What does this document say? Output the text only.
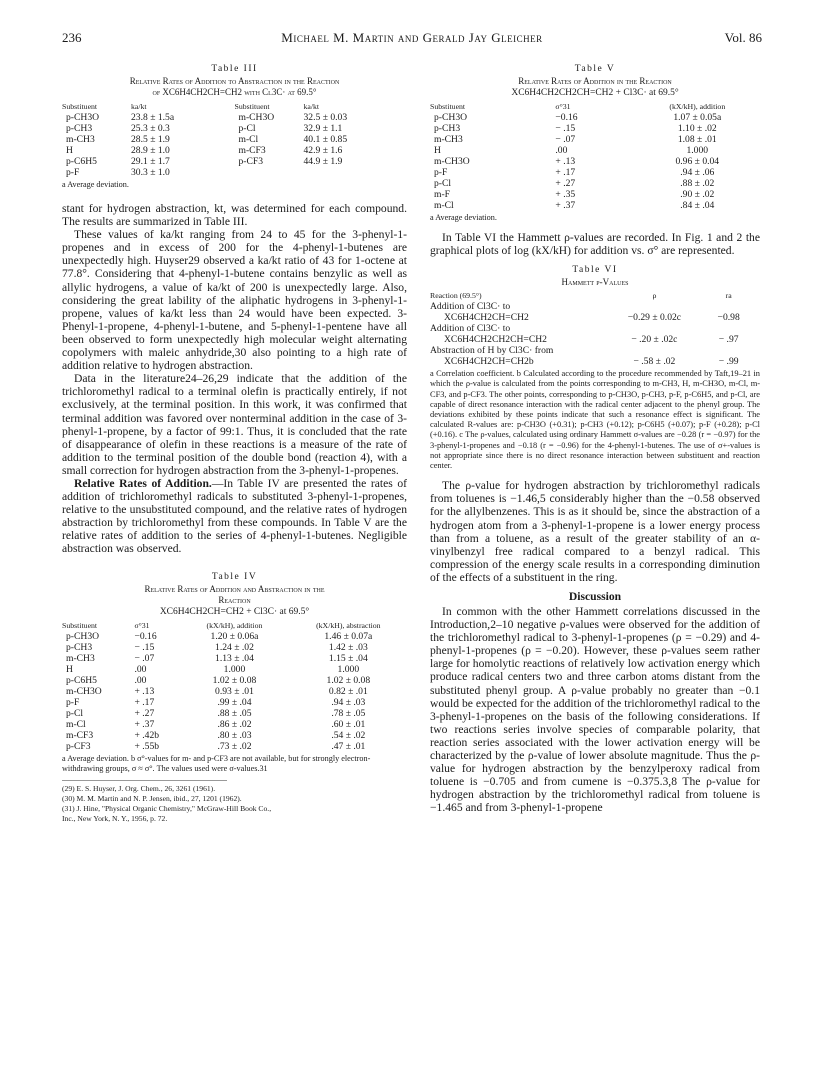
236	Michael M. Martin and Gerald Jay Gleicher	Vol. 86
Table III
Relative Rates of Addition to Abstraction in the Reaction
of XC6H4CH2CH=CH2 with Cl3C· at 69.5°
Substituent	ka/kt	Substituent	ka/kt
p-CH3O	23.8 ± 1.5a	m-CH3O	32.5 ± 0.03
p-CH3	25.3 ± 0.3	p-Cl	32.9 ± 1.1
m-CH3	28.5 ± 1.9	m-Cl	40.1 ± 0.85
H	28.9 ± 1.0	m-CF3	42.9 ± 1.6
p-C6H5	29.1 ± 1.7	p-CF3	44.9 ± 1.9
p-F	30.3 ± 1.0		
a Average deviation.

stant for hydrogen abstraction, kt, was determined for each compound. The results are summarized in Table III.

These values of ka/kt ranging from 24 to 45 for the 3-phenyl-1-propenes and in excess of 200 for the 4-phenyl-1-butenes are unexpectedly high. Huyser29 observed a ka/kt ratio of 43 for 1-octene at 77.8°. Considering that 4-phenyl-1-butene contains benzylic as well as allylic hydrogens, a value of ka/kt of 200 is unexpectedly large. Also, considering the great lability of the aliphatic hydrogens in 3-phenyl-1-propene, values of ka/kt less than 24 would have been expected. 3-Phenyl-1-propene, 4-phenyl-1-butene, and 5-phenyl-1-pentene have all been observed to form unexpectedly high molecular weight alternating copolymers with maleic anhydride,30 also pointing to a high rate of addition relative to hydrogen abstraction.

Data in the literature24–26,29 indicate that the addition of the trichloromethyl radical to a terminal olefin is practically entirely, if not exclusively, at the terminal position. In this work, it was confirmed that terminal addition was favored over nonterminal addition in the case of 3-phenyl-1-propene, by a factor of 99:1. Thus, it is concluded that the rate of disappearance of olefin in these reactions is a measure of the rate of addition to the terminal position of the double bond (reaction 4), with a small correction for hydrogen abstraction from the 3-phenyl-1-propenes.

Relative Rates of Addition.—In Table IV are presented the rates of addition of trichloromethyl radicals to substituted 3-phenyl-1-propenes, relative to the unsubstituted compound, and the relative rates of hydrogen abstraction by trichloromethyl from these compounds. In Table V are the relative rates of addition to the series of 4-phenyl-1-butenes. Negligible abstraction was observed.

Table IV
Relative Rates of Addition and Abstraction in the
Reaction
XC6H4CH2CH=CH2 + Cl3C· at 69.5°
Substituent	σ°31	(kX/kH), addition	(kX/kH), abstraction
p-CH3O	−0.16	1.20 ± 0.06a	1.46 ± 0.07a
p-CH3	− .15	1.24 ± .02	1.42 ± .03
m-CH3	− .07	1.13 ± .04	1.15 ± .04
H	.00	1.000	1.000
p-C6H5	.00	1.02 ± 0.08	1.02 ± 0.08
m-CH3O	+ .13	0.93 ± .01	0.82 ± .01
p-F	+ .17	.99 ± .04	.94 ± .03
p-Cl	+ .27	.88 ± .05	.78 ± .05
m-Cl	+ .37	.86 ± .02	.60 ± .01
m-CF3	+ .42b	.80 ± .03	.54 ± .02
p-CF3	+ .55b	.73 ± .02	.47 ± .01
a Average deviation. b σ°-values for m- and p-CF3 are not available, but for strongly electron-withdrawing groups, σ ≈ σ°. The values used were σ-values.31
(29) E. S. Huyser, J. Org. Chem., 26, 3261 (1961).
(30) M. M. Martin and N. P. Jensen, ibid., 27, 1201 (1962).
(31) J. Hine, "Physical Organic Chemistry," McGraw-Hill Book Co.,
Inc., New York, N. Y., 1956, p. 72.
Table V
Relative Rates of Addition in the Reaction
XC6H4CH2CH2CH=CH2 + Cl3C· at 69.5°
Substituent	σ°31	(kX/kH), addition
p-CH3O	−0.16	1.07 ± 0.05a
p-CH3	− .15	1.10 ± .02
m-CH3	− .07	1.08 ± .01
H	.00	1.000
m-CH3O	+ .13	0.96 ± 0.04
p-F	+ .17	.94 ± .06
p-Cl	+ .27	.88 ± .02
m-F	+ .35	.90 ± .02
m-Cl	+ .37	.84 ± .04
a Average deviation.

In Table VI the Hammett ρ-values are recorded. In Fig. 1 and 2 the graphical plots of log (kX/kH) for addition vs. σ° are represented.

Table VI
Hammett ρ-Values
Reaction (69.5°)	ρ	ra
Addition of Cl3C· to		
XC6H4CH2CH=CH2	−0.29 ± 0.02c	−0.98
Addition of Cl3C· to		
XC6H4CH2CH2CH=CH2	− .20 ± .02c	− .97
Abstraction of H by Cl3C· from		
XC6H4CH2CH=CH2b	− .58 ± .02	− .99
a Correlation coefficient. b Calculated according to the procedure recommended by Taft,19–21 in which the ρ-value is calculated from the points corresponding to m-CH3, H, m-CH3O, m-Cl, m-CF3, and p-CF3. The other points, corresponding to p-CH3O, p-CH3, p-F, p-C6H5, and p-Cl, are capable of direct resonance interaction with the radical center adjacent to the phenyl group. The deviations exhibited by these points indicate that such a resonance effect is significant. The calculated R-values are: p-CH3O (+0.31); p-CH3 (+0.12); p-C6H5 (+0.07); p-F (+0.28); p-Cl (+0.16). c The ρ-values, calculated using ordinary Hammett σ-values are −0.28 (r = −0.97) for the 3-phenyl-1-propenes and −0.18 (r = −0.96) for the 4-phenyl-1-butenes. The use of σ+-values is not appropriate since there is no direct resonance interaction between substituent and reaction center.

The ρ-value for hydrogen abstraction by trichloromethyl radicals from toluenes is −1.46,5 considerably higher than the −0.58 observed for the allylbenzenes. This is as it should be, since the abstraction of a hydrogen atom from a 3-phenyl-1-propene is a lower energy process than from a toluene, as a result of the greater stability of an α-vinylbenzyl free radical compared to a benzyl radical. This compression of the energy scale results in a corresponding diminution of the effects of a substituent in the ring.

Discussion

In common with the other Hammett correlations discussed in the Introduction,2–10 negative ρ-values were observed for the addition of the trichloromethyl radical to 3-phenyl-1-propenes (ρ = −0.29) and 4-phenyl-1-propenes (ρ = −0.20). However, these ρ-values seem rather large for homolytic reactions of relatively low activation energy which produce radical centers two and three carbon atoms distant from the substituted phenyl group. A ρ-value probably no greater than −0.1 would be expected for the addition of the trichloromethyl radical to the 3-phenyl-1-propenes on the basis of the following considerations. If two reactions series involve species of comparable polarity, that reaction series associated with the lower activation energy will be characterized by the ρ-value of lower absolute magnitude. Thus the ρ-value for hydrogen abstraction by the benzylperoxy radical from toluene is −0.705 and from cumene is −0.375.3,8 The ρ-value for hydrogen abstraction by the trichloromethyl radical from toluene is −1.465 and from 3-phenyl-1-propene
